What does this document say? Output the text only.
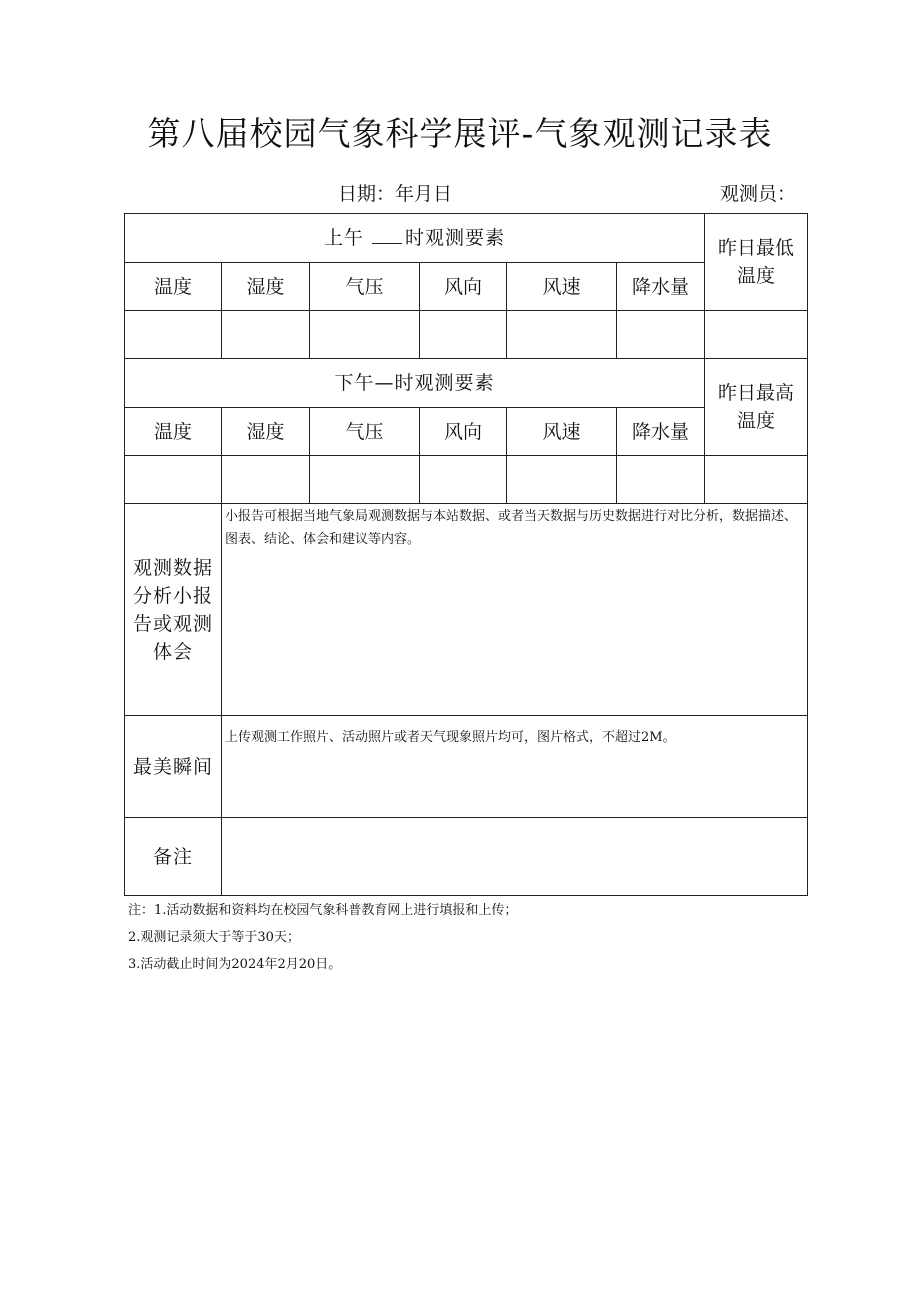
第八届校园气象科学展评-气象观测记录表
日期：年月日	观测员：
上午 时观测要素						昨日最低温度

温度	湿度	气压	风向	风速	降水量	

下午—时观测要素						昨日最高温度

温度	湿度	气压	风向	风速	降水量	

观测数据分析小报告或观测体会	小报告可根据当地气象局观测数据与本站数据、或者当天数据与历史数据进行对比分析，数据描述、图表、结论、体会和建议等内容。					
最美瞬间	上传观测工作照片、活动照片或者天气现象照片均可，图片格式，不超过2M。					
备注						
注：1.活动数据和资料均在校园气象科普教育网上进行填报和上传；
2.观测记录须大于等于30天；
3.活动截止时间为2024年2月20日。
